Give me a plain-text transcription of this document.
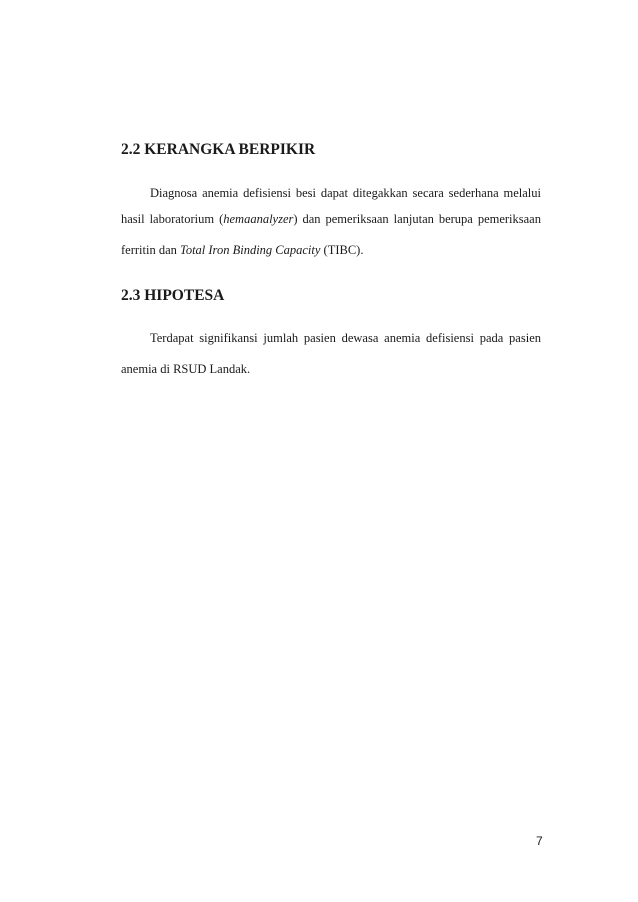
2.2 KERANGKA BERPIKIR
Diagnosa anemia defisiensi besi dapat ditegakkan secara sederhana melalui
hasil laboratorium (hemaanalyzer) dan pemeriksaan lanjutan berupa pemeriksaan
ferritin dan Total Iron Binding Capacity (TIBC).
2.3 HIPOTESA
Terdapat signifikansi jumlah pasien dewasa anemia defisiensi pada pasien
anemia di RSUD Landak.
7
